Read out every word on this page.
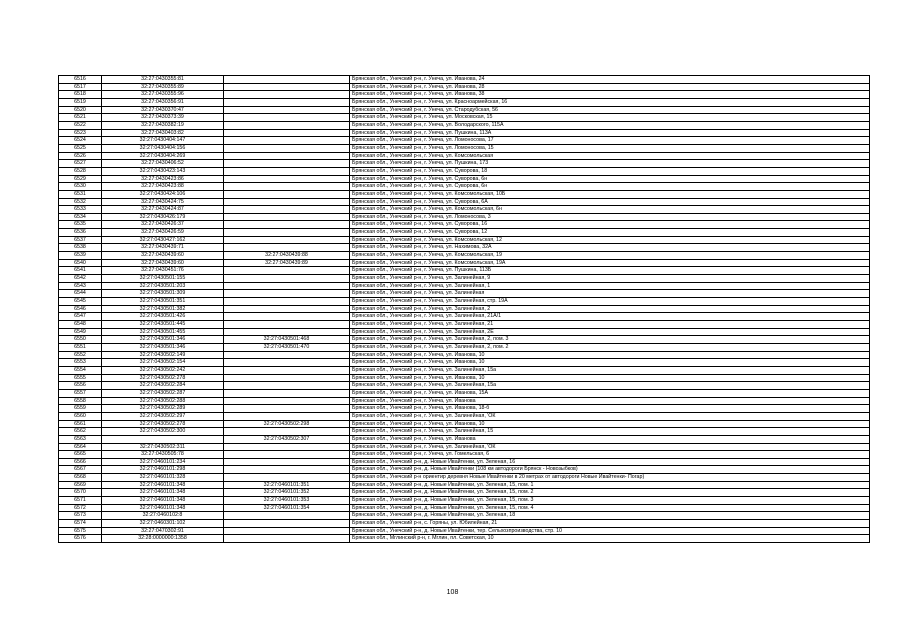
6516	32:27:0430355:81		Брянская обл., Унечский р-н, г. Унеча, ул. Иванова, 24
6517	32:27:0430355:89		Брянская обл., Унечский р-н, г. Унеча, ул. Иванова, 28
6518	32:27:0430355:96		Брянская обл., Унечский р-н, г. Унеча, ул. Иванова, 38
6519	32:27:0430356:91		Брянская обл., Унечский р-н, г. Унеча, ул. Красноармейская, 16
6520	32:27:0430370:47		Брянская обл., Унечский р-н, г. Унеча, ул. Стародубская, 56
6521	32:27:0430373:39		Брянская обл., Унечский р-н, г. Унеча, ул. Московская, 15
6522	32:27:0430382:19		Брянская обл., Унечский р-н, г. Унеча, ул. Володарского, 115А
6523	32:27:0430403:82		Брянская обл., Унечский р-н, г. Унеча, ул. Пушкина, 113А
6524	32:27:0430404:147		Брянская обл., Унечский р-н, г. Унеча, ул. Ломоносова, 17
6525	32:27:0430404:156		Брянская обл., Унечский р-н, г. Унеча, ул. Ломоносова, 15
6526	32:27:0430404:269		Брянская обл., Унечский р-н, г. Унеча, ул. Комсомольская
6527	32:27:0430406:52		Брянская обл., Унечский р-н, г. Унеча, ул. Пушкина, 173
6528	32:27:0430423:143		Брянская обл., Унечский р-н, г. Унеча, ул. Суворова, 18
6529	32:27:0430423:86		Брянская обл., Унечский р-н, г. Унеча, ул. Суворова, 6н
6530	32:27:0430423:88		Брянская обл., Унечский р-н, г. Унеча, ул. Суворова, 6н
6531	32:27:0430424:106		Брянская обл., Унечский р-н, г. Унеча, ул. Комсомольская, 10Б
6532	32:27:0430424:75		Брянская обл., Унечский р-н, г. Унеча, ул. Суворова, 6А
6533	32:27:0430424:87		Брянская обл., Унечский р-н, г. Унеча, ул. Комсомольская, 6н
6534	32:27:0430426:179		Брянская обл., Унечский р-н, г. Унеча, ул. Ломоносова, 3
6535	32:27:0430426:37		Брянская обл., Унечский р-н, г. Унеча, ул. Суворова, 16
6536	32:27:0430426:59		Брянская обл., Унечский р-н, г. Унеча, ул. Суворова, 12
6537	32:27:0430427:162		Брянская обл., Унечский р-н, г. Унеча, ул. Комсомольская, 12
6538	32:27:0430439:71		Брянская обл., Унечский р-н, г. Унеча, ул. Нахимова, 32А
6539	32:27:0430439:60	32:27:0430439:88	Брянская обл., Унечский р-н, г. Унеча, ул. Комсомольская, 19
6540	32:27:0430439:60	32:27:0430439:89	Брянская обл., Унечский р-н, г. Унеча, ул. Комсомольская, 19А
6541	32:27:0430451:76		Брянская обл., Унечский р-н, г. Унеча, ул. Пушкина, 113Б
6542	32:27:0430501:155		Брянская обл., Унечский р-н, г. Унеча, ул. Залинейная, 9
6543	32:27:0430501:203		Брянская обл., Унечский р-н, г. Унеча, ул. Залинейная, 1
6544	32:27:0430501:309		Брянская обл., Унечский р-н, г. Унеча, ул. Залинейная
6545	32:27:0430501:351		Брянская обл., Унечский р-н, г. Унеча, ул. Залинейная, стр. 19А
6546	32:27:0430501:382		Брянская обл., Унечский р-н, г. Унеча, ул. Залинейная, 2
6547	32:27:0430501:426		Брянская обл., Унечский р-н, г. Унеча, ул. Залинейная, 21А/1
6548	32:27:0430501:445		Брянская обл., Унечский р-н, г. Унеча, ул. Залинейная, 21
6549	32:27:0430501:455		Брянская обл., Унечский р-н, г. Унеча, ул. Залинейная, 2Е
6550	32:27:0430501:346	32:27:0430501:468	Брянская обл., Унечский р-н, г. Унеча, ул. Залинейная, 2, пом. 3
6551	32:27:0430501:346	32:27:0430501:470	Брянская обл., Унечский р-н, г. Унеча, ул. Залинейная, 2, пом. 2
6552	32:27:0430502:149		Брянская обл., Унечский р-н, г. Унеча, ул. Иванова, 10
6553	32:27:0430502:154		Брянская обл., Унечский р-н, г. Унеча, ул. Иванова, 10
6554	32:27:0430502:242		Брянская обл., Унечский р-н, г. Унеча, ул. Залинейная, 15а
6555	32:27:0430502:278		Брянская обл., Унечский р-н, г. Унеча, ул. Иванова, 10
6556	32:27:0430502:284		Брянская обл., Унечский р-н, г. Унеча, ул. Залинейная, 15а
6557	32:27:0430502:287		Брянская обл., Унечский р-н, г. Унеча, ул. Иванова, 15А
6558	32:27:0430502:288		Брянская обл., Унечский р-н, г. Унеча, ул. Иванова
6559	32:27:0430502:289		Брянская обл., Унечский р-н, г. Унеча, ул. Иванова, 18-б
6560	32:27:0430502:297		Брянская обл., Унечский р-н, г. Унеча, ул. Залинейная, 'ОК
6561	32:27:0430502:278	32:27:0430502:298	Брянская обл., Унечский р-н, г. Унеча, ул. Иванова, 10
6562	32:27:0430502:300		Брянская обл., Унечский р-н, г. Унеча, ул. Залинейная, 15
6563		32:27:0430502:307	Брянская обл., Унечский р-н, г. Унеча, ул. Иванова
6564	32:27:0430502:311		Брянская обл., Унечский р-н, г. Унеча, ул. Залинейная, 'ОК
6565	32:27:0430505:78		Брянская обл., Унечский р-н, г. Унеча, ул. Гомельская, 6
6566	32:27:0460101:234		Брянская обл., Унечский р-н, д. Новые Ивайтенки, ул. Зеленая, 16
6567	32:27:0460101:298		Брянская обл., Унечский р-н, д. Новые Ивайтенки (108 км автодороги Брянск - Новозыбков)
6568	32:27:0460101:328		Брянская обл., Унечский р-н ориентир деревня Новые Ивайтенки в 20 метрах от автодороги Новые Ивайтенки- Погар)
6569	32:27:0460101:348	32:27:0460101:351	Брянская обл., Унечский р-н, д. Новые Ивайтенки, ул. Зеленая, 15, пом. 1
6570	32:27:0460101:348	32:27:0460101:352	Брянская обл., Унечский р-н, д. Новые Ивайтенки, ул. Зеленая, 15, пом. 2
6571	32:27:0460101:348	32:27:0460101:353	Брянская обл., Унечский р-н, д. Новые Ивайтенки, ул. Зеленая, 15, пом. 3
6572	32:27:0460101:348	32:27:0460101:354	Брянская обл., Унечский р-н, д. Новые Ивайтенки, ул. Зеленая, 15, пом. 4
6573	32:27:0460102:8		Брянская обл., Унечский р-н, д. Новые Ивайтенки, ул. Зеленая, 18
6574	32:27:0460301:102		Брянская обл., Унечский р-н, с. Горяны, ул. Юбилейная, 21
6575	32:27:0470302:91		Брянская обл., Унечский р-н, д. Новые Ивайтенки, тер. Сельхозпроизводства, стр. 10
6576	32:28:0000000:1358		Брянская обл., Мглинский р-н, г. Мглин, пл. Советская, 10
108
